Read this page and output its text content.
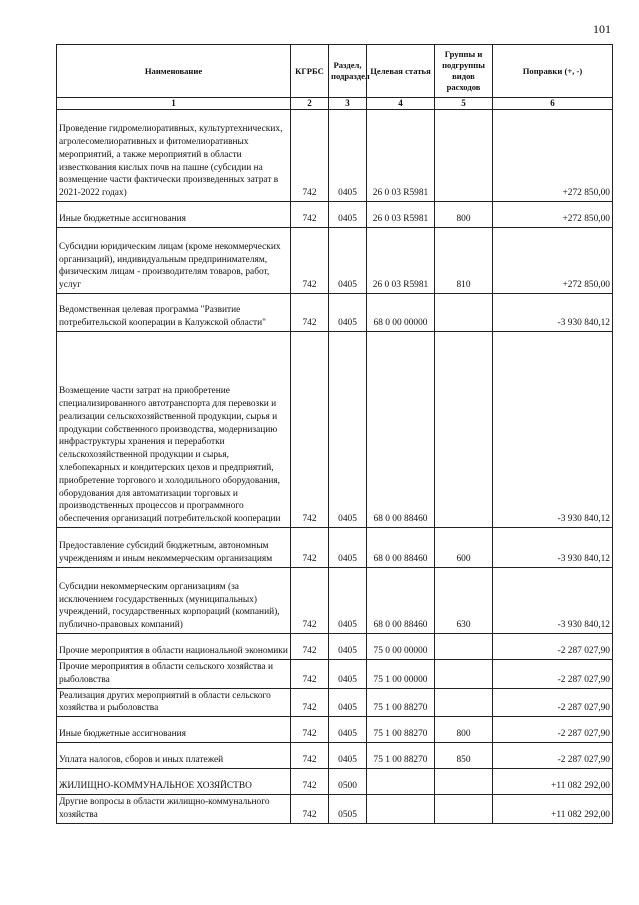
101
Наименование	КГРБС	Раздел, подраздел	Целевая статья	Группы и подгруппы видов расходов	Поправки (+, -)
1	2	3	4	5	6
Проведение гидромелиоративных, культуртехнических, агролесомелиоративных и фитомелиоративных мероприятий, а также мероприятий в области известкования кислых почв на пашне (субсидии на возмещение части фактически произведенных затрат в 2021-2022 годах)	742	0405	26 0 03 R5981		+272 850,00
Иные бюджетные ассигнования	742	0405	26 0 03 R5981	800	+272 850,00
Субсидии юридическим лицам (кроме некоммерческих организаций), индивидуальным предпринимателям, физическим лицам - производителям товаров, работ, услуг	742	0405	26 0 03 R5981	810	+272 850,00
Ведомственная целевая программа "Развитие потребительской кооперации в Калужской области"	742	0405	68 0 00 00000		-3 930 840,12
Возмещение части затрат на приобретение специализированного автотранспорта для перевозки и реализации сельскохозяйственной продукции, сырья и продукции собственного производства, модернизацию инфраструктуры хранения и переработки сельскохозяйственной продукции и сырья, хлебопекарных и кондитерских цехов и предприятий, приобретение торгового и холодильного оборудования, оборудования для автоматизации торговых и производственных процессов и программного обеспечения организаций потребительской кооперации	742	0405	68 0 00 88460		-3 930 840,12
Предоставление субсидий бюджетным, автономным учреждениям и иным некоммерческим организациям	742	0405	68 0 00 88460	600	-3 930 840,12
Субсидии некоммерческим организациям (за исключением государственных (муниципальных) учреждений, государственных корпораций (компаний), публично-правовых компаний)	742	0405	68 0 00 88460	630	-3 930 840,12
Прочие мероприятия в области национальной экономики	742	0405	75 0 00 00000		-2 287 027,90
Прочие мероприятия в области сельского хозяйства и рыболовства	742	0405	75 1 00 00000		-2 287 027,90
Реализация других мероприятий в области сельского хозяйства и рыболовства	742	0405	75 1 00 88270		-2 287 027,90
Иные бюджетные ассигнования	742	0405	75 1 00 88270	800	-2 287 027,90
Уплата налогов, сборов и иных платежей	742	0405	75 1 00 88270	850	-2 287 027,90
ЖИЛИЩНО-КОММУНАЛЬНОЕ ХОЗЯЙСТВО	742	0500			+11 082 292,00
Другие вопросы в области жилищно-коммунального хозяйства	742	0505			+11 082 292,00
